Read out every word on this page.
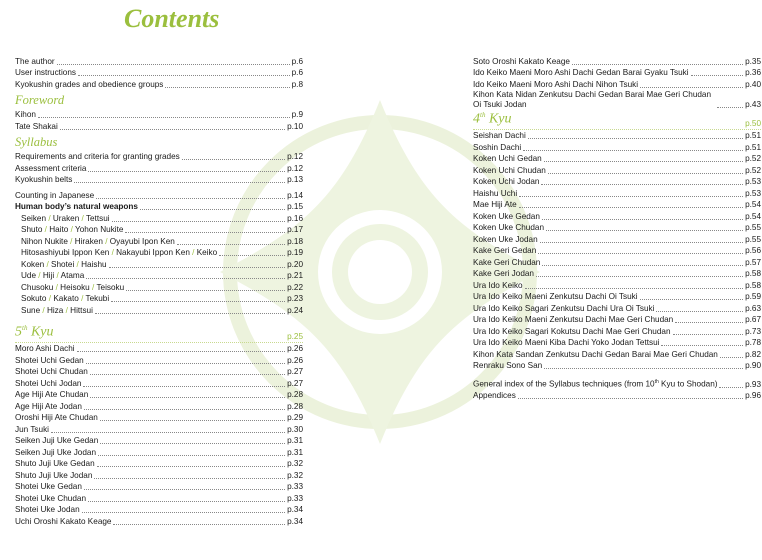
Contents
The author	p.6
User instructions	p.6
Kyokushin grades and obedience groups	p.8
Foreword
Kihon	p.9
Tate Shakai	p.10
Syllabus
Requirements and criteria for granting grades	p.12
Assessment criteria	p.12
Kyokushin belts	p.13
Counting in Japanese	p.14
Human body’s natural weapons	p.15
Seiken / Uraken / Tettsui	p.16
Shuto / Haito / Yohon Nukite	p.17
Nihon Nukite / Hiraken / Oyayubi Ipon Ken	p.18
Hitosashiyubi Ippon Ken / Nakayubi Ippon Ken / Keiko	p.19
Koken / Shotei / Haishu	p.20
Ude / Hiji / Atama	p.21
Chusoku / Heisoku / Teisoku	p.22
Sokuto / Kakato / Tekubi	p.23
Sune / Hiza / Hittsui	p.24
5th Kyu	p.25
Moro Ashi Dachi	p.26
Shotei Uchi Gedan	p.26
Shotei Uchi Chudan	p.27
Shotei Uchi Jodan	p.27
Age Hiji Ate Chudan	p.28
Age Hiji Ate Jodan	p.28
Oroshi Hiji Ate Chudan	p.29
Jun Tsuki	p.30
Seiken Juji Uke Gedan	p.31
Seiken Juji Uke Jodan	p.31
Shuto Juji Uke Gedan	p.32
Shuto Juji Uke Jodan	p.32
Shotei Uke Gedan	p.33
Shotei Uke Chudan	p.33
Shotei Uke Jodan	p.34
Uchi Oroshi Kakato Keage	p.34
Soto Oroshi Kakato Keage	p.35
Ido Keiko Maeni Moro Ashi Dachi Gedan Barai Gyaku Tsuki	p.36
Ido Keiko Maeni Moro Ashi Dachi Nihon Tsuki	p.40
Kihon Kata Nidan Zenkutsu Dachi Gedan Barai Mae Geri Chudan Oi Tsuki Jodan	p.43
4th Kyu	p.50
Seishan Dachi	p.51
Soshin Dachi	p.51
Koken Uchi Gedan	p.52
Koken Uchi Chudan	p.52
Koken Uchi Jodan	p.53
Haishu Uchi	p.53
Mae Hiji Ate	p.54
Koken Uke Gedan	p.54
Koken Uke Chudan	p.55
Koken Uke Jodan	p.55
Kake Geri Gedan	p.56
Kake Geri Chudan	p.57
Kake Geri Jodan	p.58
Ura Ido Keiko	p.58
Ura Ido Keiko Maeni Zenkutsu Dachi Oi Tsuki	p.59
Ura Ido Keiko Sagari Zenkutsu Dachi Ura Oi Tsuki	p.63
Ura Ido Keiko Maeni Zenkutsu Dachi Mae Geri Chudan	p.67
Ura Ido Keiko Sagari Kokutsu Dachi Mae Geri Chudan	p.73
Ura Ido Keiko Maeni Kiba Dachi Yoko Jodan Tettsui	p.78
Kihon Kata Sandan Zenkutsu Dachi Gedan Barai Mae Geri Chudan	p.82
Renraku Sono San	p.90
General index of the Syllabus techniques (from 10th Kyu to Shodan)	p.93
Appendices	p.96
